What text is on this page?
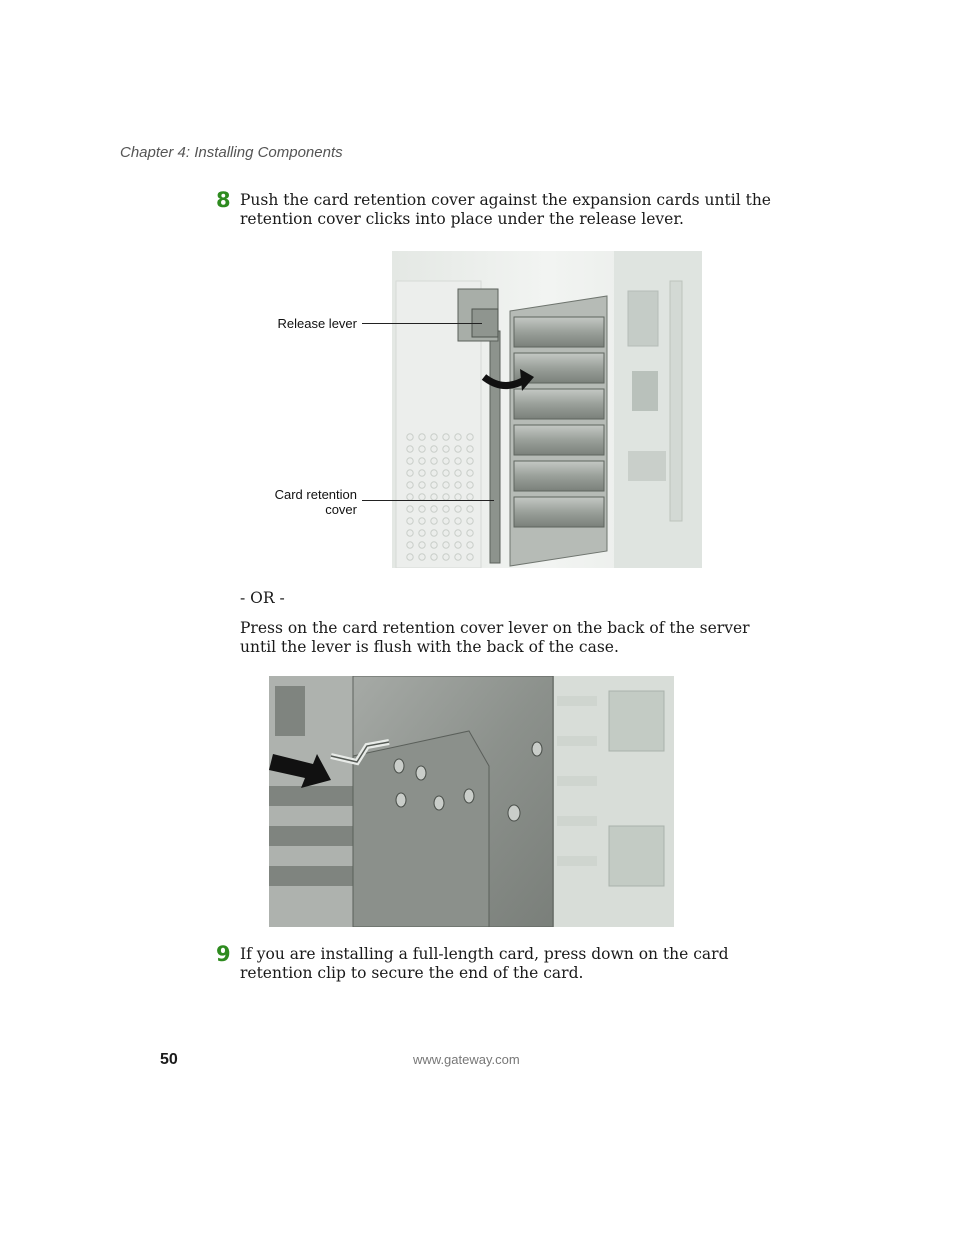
Chapter 4: Installing Components
8 Push the card retention cover against the expansion cards until the retention cover clicks into place under the release lever.
Release lever
Card retention
cover
- OR -
Press on the card retention cover lever on the back of the server until the lever is flush with the back of the case.
9 If you are installing a full-length card, press down on the card retention clip to secure the end of the card.
50	www.gateway.com
